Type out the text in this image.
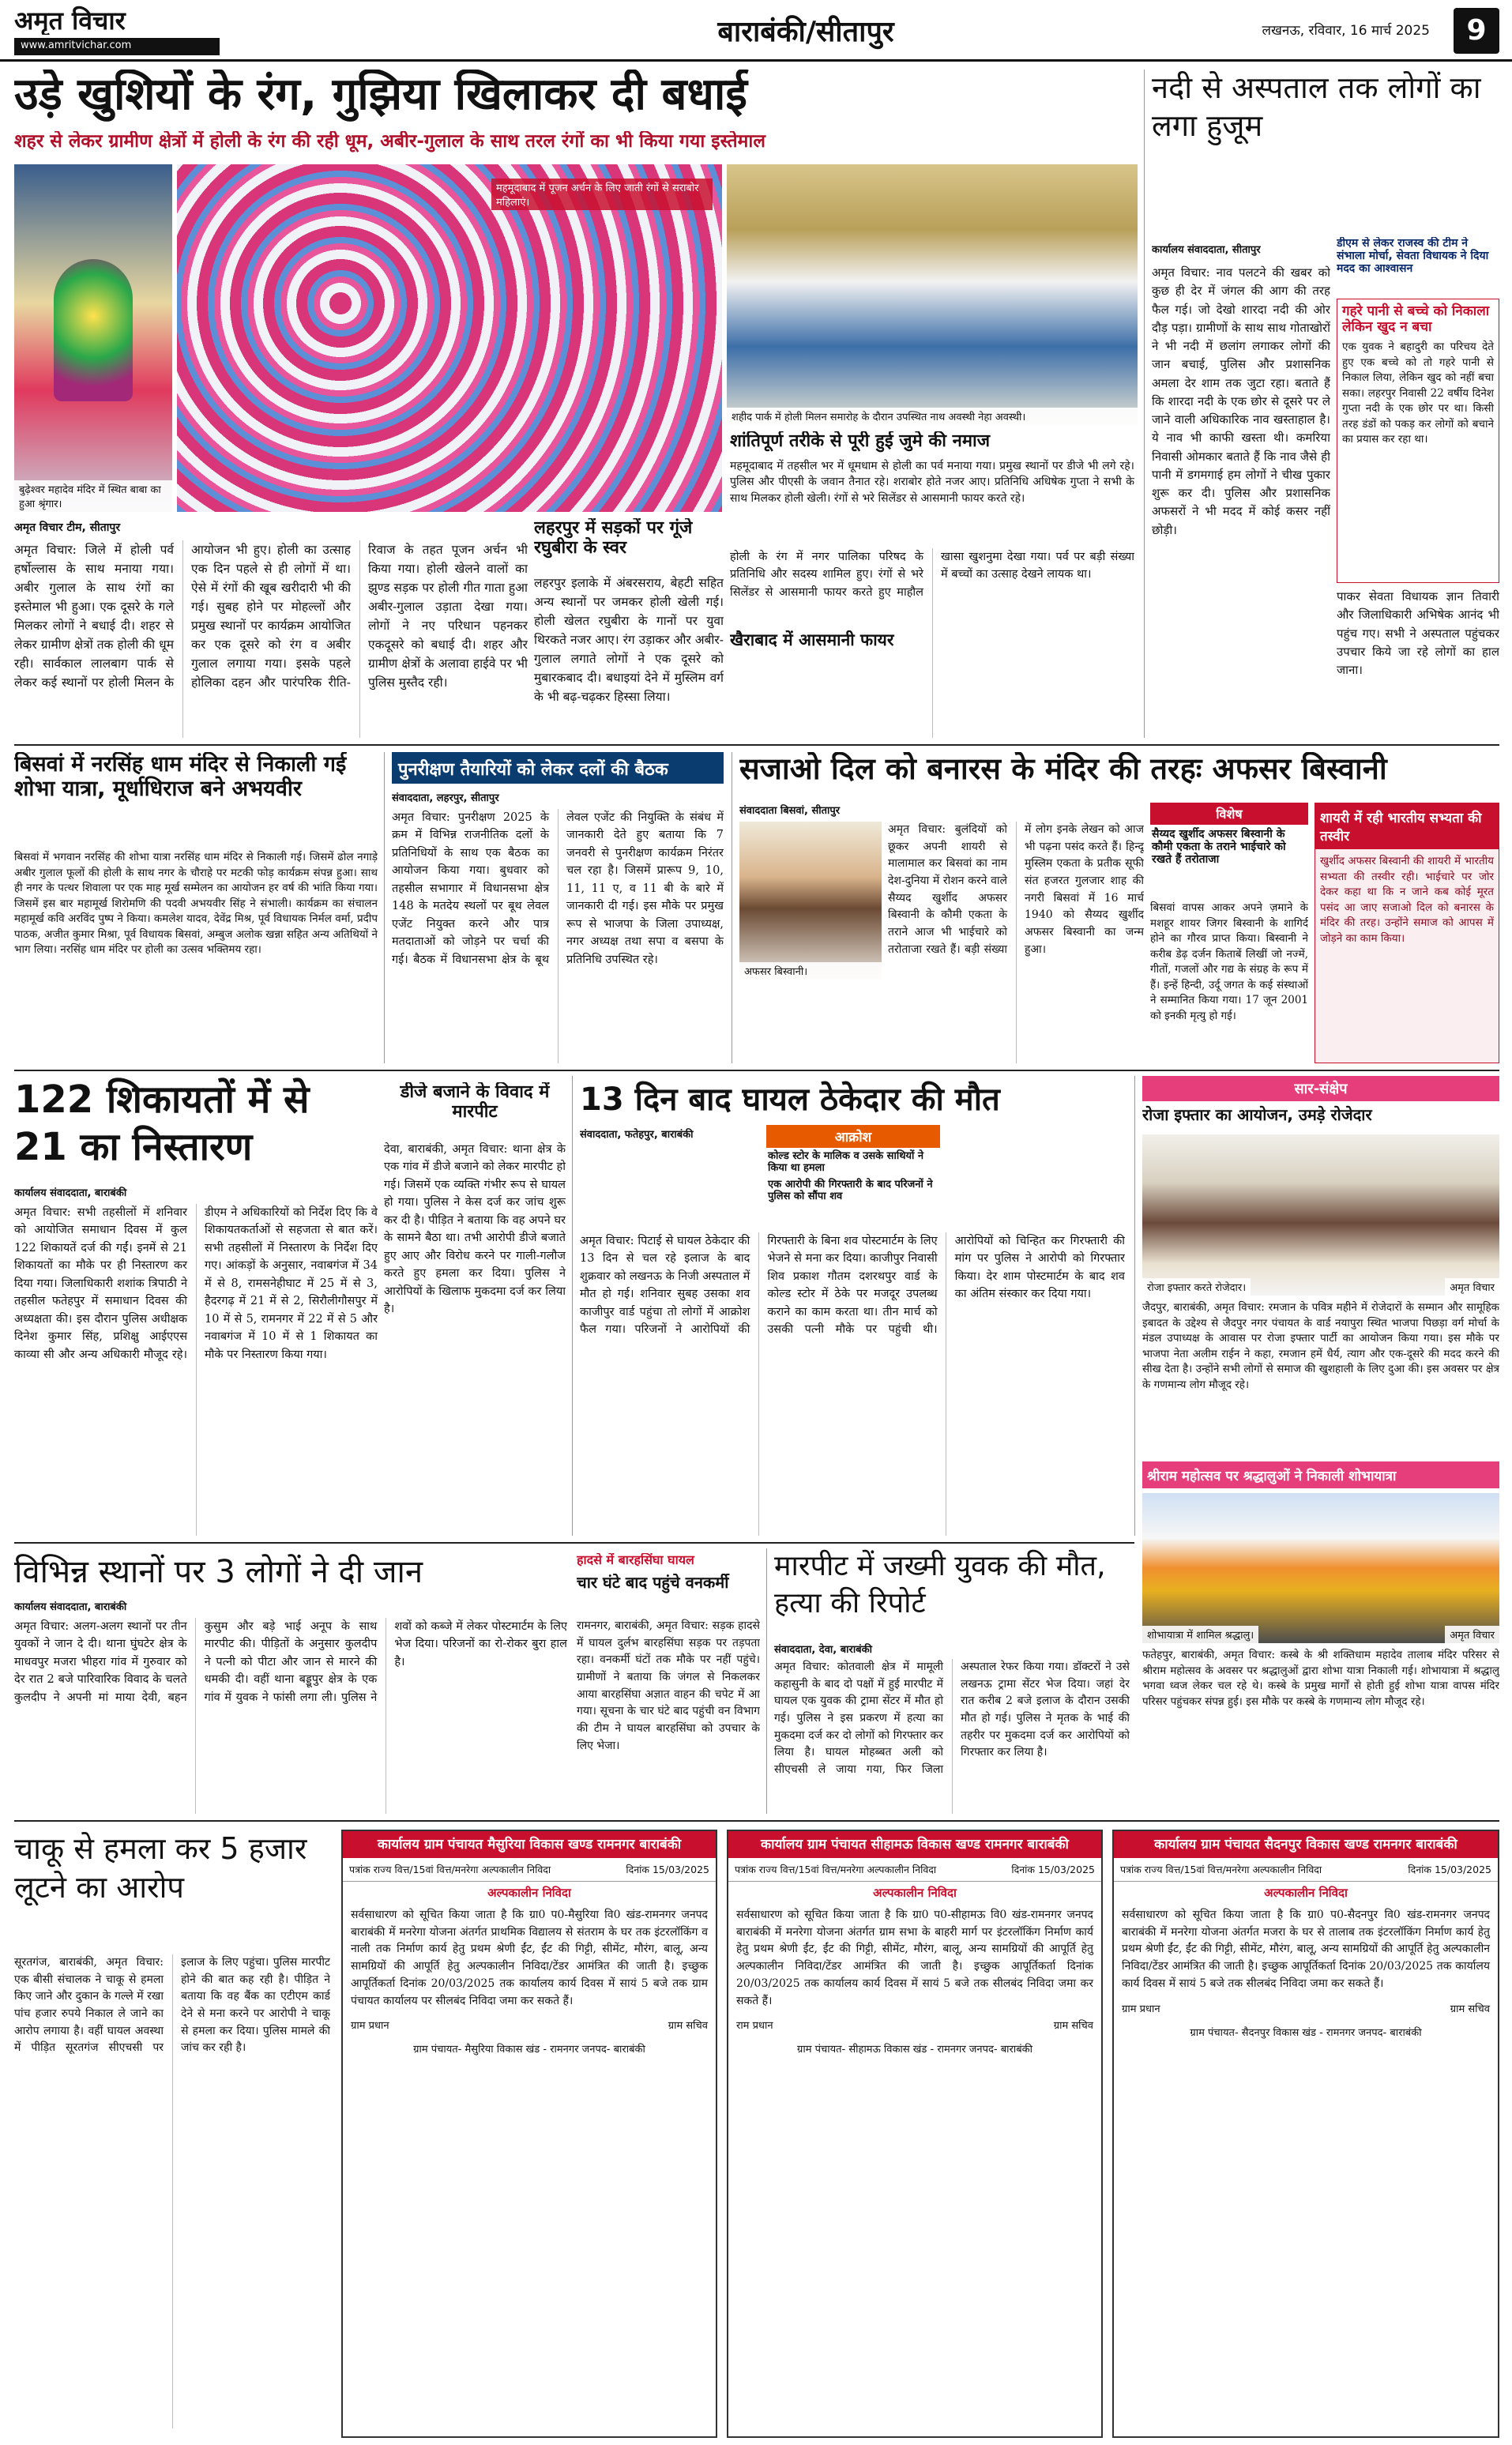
अमृत विचार
www.amritvichar.com	बाराबंकी/सीतापुर	लखनऊ, रविवार, 16 मार्च 2025	9
उड़े खुशियों के रंग, गुझिया खिलाकर दी बधाई
शहर से लेकर ग्रामीण क्षेत्रों में होली के रंग की रही धूम, अबीर-गुलाल के साथ तरल रंगों का भी किया गया इस्तेमाल
बुढ़ेश्वर महादेव मंदिर में स्थित बाबा का हुआ श्रृंगार।
महमूदाबाद में पूजन अर्चन के लिए जाती रंगों से सराबोर महिलाएं।
शहीद पार्क में होली मिलन समारोह के दौरान उपस्थित नाथ अवस्थी नेहा अवस्थी।
अमृत विचार टीम, सीतापुर
अमृत विचार: जिले में होली पर्व हर्षोल्लास के साथ मनाया गया। अबीर गुलाल के साथ रंगों का इस्तेमाल भी हुआ। एक दूसरे के गले मिलकर लोगों ने बधाई दी। शहर से लेकर ग्रामीण क्षेत्रों तक होली की धूम रही। सार्वकाल लालबाग पार्क से लेकर कई स्थानों पर होली मिलन के आयोजन भी हुए। होली का उत्साह एक दिन पहले से ही लोगों में था। ऐसे में रंगों की खूब खरीदारी भी की गई। सुबह होने पर मोहल्लों और प्रमुख स्थानों पर कार्यक्रम आयोजित कर एक दूसरे को रंग व अबीर गुलाल लगाया गया। इसके पहले होलिका दहन और पारंपरिक रीति-रिवाज के तहत पूजन अर्चन भी किया गया। होली खेलने वालों का झुण्ड सड़क पर होली गीत गाता हुआ अबीर-गुलाल उड़ाता देखा गया। लोगों ने नए परिधान पहनकर एकदूसरे को बधाई दी। शहर और ग्रामीण क्षेत्रों के अलावा हाईवे पर भी पुलिस मुस्तैद रही।
लहरपुर में सड़कों पर गूंजे रघुबीरा के स्वर
लहरपुर इलाके में अंबरसराय, बेहटी सहित अन्य स्थानों पर जमकर होली खेली गई। होली खेलत रघुबीरा के गानों पर युवा थिरकते नजर आए। रंग उड़ाकर और अबीर-गुलाल लगाते लोगों ने एक दूसरे को मुबारकबाद दी। बधाइयां देने में मुस्लिम वर्ग के भी बढ़-चढ़कर हिस्सा लिया।
शांतिपूर्ण तरीके से पूरी हुई जुमे की नमाज
महमूदाबाद में तहसील भर में धूमधाम से होली का पर्व मनाया गया। प्रमुख स्थानों पर डीजे भी लगे रहे। पुलिस और पीएसी के जवान तैनात रहे। शराबोर होते नजर आए। प्रतिनिधि अधिषेक गुप्ता ने सभी के साथ मिलकर होली खेली। रंगों से भरे सिलेंडर से आसमानी फायर करते रहे।
खैराबाद में आसमानी फायर
होली के रंग में नगर पालिका परिषद के प्रतिनिधि और सदस्य शामिल हुए। रंगों से भरे सिलेंडर से आसमानी फायर करते हुए माहौल खासा खुशनुमा देखा गया। पर्व पर बड़ी संख्या में बच्चों का उत्साह देखने लायक था।
नदी से अस्पताल तक लोगों का लगा हुजूम
कार्यालय संवाददाता, सीतापुर
डीएम से लेकर राजस्व की टीम ने संभाला मोर्चा, सेवता विधायक ने दिया मदद का आश्वासन
अमृत विचार: नाव पलटने की खबर को कुछ ही देर में जंगल की आग की तरह फैल गई। जो देखो शारदा नदी की ओर दौड़ पड़ा। ग्रामीणों के साथ साथ गोताखोरों ने भी नदी में छलांग लगाकर लोगों की जान बचाई, पुलिस और प्रशासनिक अमला देर शाम तक जुटा रहा। बताते हैं कि शारदा नदी के एक छोर से दूसरे पर ले जाने वाली अधिकारिक नाव खस्ताहाल है। ये नाव भी काफी खस्ता थी। कमरिया निवासी ओमकार बताते हैं कि नाव जैसे ही पानी में डगमगाई हम लोगों ने चीख पुकार शुरू कर दी। पुलिस और प्रशासनिक अफसरों ने भी मदद में कोई कसर नहीं छोड़ी।
गहरे पानी से बच्चे को निकाला लेकिन खुद न बचा
एक युवक ने बहादुरी का परिचय देते हुए एक बच्चे को तो गहरे पानी से निकाल लिया, लेकिन खुद को नहीं बचा सका। लहरपुर निवासी 22 वर्षीय दिनेश गुप्ता नदी के एक छोर पर था। किसी तरह डंडों को पकड़ कर लोगों को बचाने का प्रयास कर रहा था।
पाकर सेवता विधायक ज्ञान तिवारी और जिलाधिकारी अभिषेक आनंद भी पहुंच गए। सभी ने अस्पताल पहुंचकर उपचार किये जा रहे लोगों का हाल जाना।
बिसवां में नरसिंह धाम मंदिर से निकाली गई शोभा यात्रा, मूर्धाधिराज बने अभयवीर
बिसवां में भगवान नरसिंह की शोभा यात्रा नरसिंह धाम मंदिर से निकाली गई। जिसमें ढोल नगाड़े अबीर गुलाल फूलों की होली के साथ नगर के चौराहे पर मटकी फोड़ कार्यक्रम संपन्न हुआ। साथ ही नगर के पत्थर शिवाला पर एक माह मूर्ख सम्मेलन का आयोजन हर वर्ष की भांति किया गया। जिसमें इस बार महामूर्ख शिरोमणि की पदवी अभयवीर सिंह ने संभाली। कार्यक्रम का संचालन महामूर्ख कवि अरविंद पुष्प ने किया। कमलेश यादव, देवेंद्र मिश्र, पूर्व विधायक निर्मल वर्मा, प्रदीप पाठक, अजीत कुमार मिश्रा, पूर्व विधायक बिसवां, अम्बुज अलोक खन्ना सहित अन्य अतिथियों ने भाग लिया। नरसिंह धाम मंदिर पर होली का उत्सव भक्तिमय रहा।
पुनरीक्षण तैयारियों को लेकर दलों की बैठक
संवाददाता, लहरपुर, सीतापुर
अमृत विचार: पुनरीक्षण 2025 के क्रम में विभिन्न राजनीतिक दलों के प्रतिनिधियों के साथ एक बैठक का आयोजन किया गया। बुधवार को तहसील सभागार में विधानसभा क्षेत्र 148 के मतदेय स्थलों पर बूथ लेवल एजेंट नियुक्त करने और पात्र मतदाताओं को जोड़ने पर चर्चा की गई। बैठक में विधानसभा क्षेत्र के बूथ लेवल एजेंट की नियुक्ति के संबंध में जानकारी देते हुए बताया कि 7 जनवरी से पुनरीक्षण कार्यक्रम निरंतर चल रहा है। जिसमें प्रारूप 9, 10, 11, 11 ए, व 11 बी के बारे में जानकारी दी गई। इस मौके पर प्रमुख रूप से भाजपा के जिला उपाध्यक्ष, नगर अध्यक्ष तथा सपा व बसपा के प्रतिनिधि उपस्थित रहे।
सजाओ दिल को बनारस के मंदिर की तरहः अफसर बिस्वानी
संवाददाता बिसवां, सीतापुर
अफसर बिस्वानी।
अमृत विचार: बुलंदियों को छूकर अपनी शायरी से मालामाल कर बिसवां का नाम देश-दुनिया में रोशन करने वाले सैय्यद खुर्शीद अफसर बिस्वानी के कौमी एकता के तराने आज भी भाईचारे को तरोताजा रखते हैं। बड़ी संख्या में लोग इनके लेखन को आज भी पढ़ना पसंद करते हैं। हिन्दू मुस्लिम एकता के प्रतीक सूफी संत हजरत गुलजार शाह की नगरी बिसवां में 16 मार्च 1940 को सैय्यद खुर्शीद अफसर बिस्वानी का जन्म हुआ।
विशेष
सैय्यद खुर्शीद अफसर बिस्वानी के कौमी एकता के तराने भाईचारे को रखते हैं तरोताजा
बिसवां वापस आकर अपने ज़माने के मशहूर शायर जिगर बिस्वानी के शागिर्द होने का गौरव प्राप्त किया। बिस्वानी ने करीब डेढ़ दर्जन किताबें लिखीं जो नज्में, गीतों, गजलों और गद्य के संग्रह के रूप में हैं। इन्हें हिन्दी, उर्दू जगत के कई संस्थाओं ने सम्मानित किया गया। 17 जून 2001 को इनकी मृत्यु हो गई।
शायरी में रही भारतीय सभ्यता की तस्वीर
खुर्शीद अफसर बिस्वानी की शायरी में भारतीय सभ्यता की तस्वीर रही। भाईचारे पर जोर देकर कहा था कि न जाने कब कोई मूरत पसंद आ जाए सजाओ दिल को बनारस के मंदिर की तरह। उन्होंने समाज को आपस में जोड़ने का काम किया।
122 शिकायतों में से 21 का निस्तारण
कार्यालय संवाददाता, बाराबंकी
अमृत विचार: सभी तहसीलों में शनिवार को आयोजित समाधान दिवस में कुल 122 शिकायतें दर्ज की गईं। इनमें से 21 शिकायतों का मौके पर ही निस्तारण कर दिया गया। जिलाधिकारी शशांक त्रिपाठी ने तहसील फतेहपुर में समाधान दिवस की अध्यक्षता की। इस दौरान पुलिस अधीक्षक दिनेश कुमार सिंह, प्रशिक्षु आईएएस काव्या सी और अन्य अधिकारी मौजूद रहे। डीएम ने अधिकारियों को निर्देश दिए कि वे शिकायतकर्ताओं से सहजता से बात करें। सभी तहसीलों में निस्तारण के निर्देश दिए गए। आंकड़ों के अनुसार, नवाबगंज में 34 में से 8, रामसनेहीघाट में 25 में से 3, हैदरगढ़ में 21 में से 2, सिरौलीगौसपुर में 10 में से 5, रामनगर में 22 में से 5 और नवाबगंज में 10 में से 1 शिकायत का मौके पर निस्तारण किया गया।
डीजे बजाने के विवाद में मारपीट
देवा, बाराबंकी, अमृत विचार: थाना क्षेत्र के एक गांव में डीजे बजाने को लेकर मारपीट हो गई। जिसमें एक व्यक्ति गंभीर रूप से घायल हो गया। पुलिस ने केस दर्ज कर जांच शुरू कर दी है। पीड़ित ने बताया कि वह अपने घर के सामने बैठा था। तभी आरोपी डीजे बजाते हुए आए और विरोध करने पर गाली-गलौज करते हुए हमला कर दिया। पुलिस ने आरोपियों के खिलाफ मुकदमा दर्ज कर लिया है।
13 दिन बाद घायल ठेकेदार की मौत
संवाददाता, फतेहपुर, बाराबंकी	आक्रोश
कोल्ड स्टोर के मालिक व उसके साथियों ने किया था हमला
एक आरोपी की गिरफ्तारी के बाद परिजनों ने पुलिस को सौंपा शव
अमृत विचार: पिटाई से घायल ठेकेदार की 13 दिन से चल रहे इलाज के बाद शुक्रवार को लखनऊ के निजी अस्पताल में मौत हो गई। शनिवार सुबह उसका शव काजीपुर वार्ड पहुंचा तो लोगों में आक्रोश फैल गया। परिजनों ने आरोपियों की गिरफ्तारी के बिना शव पोस्टमार्टम के लिए भेजने से मना कर दिया। काजीपुर निवासी शिव प्रकाश गौतम दशरथपुर वार्ड के कोल्ड स्टोर में ठेके पर मजदूर उपलब्ध कराने का काम करता था। तीन मार्च को उसकी पत्नी मौके पर पहुंची थी। आरोपियों को चिन्हित कर गिरफ्तारी की मांग पर पुलिस ने आरोपी को गिरफ्तार किया। देर शाम पोस्टमार्टम के बाद शव का अंतिम संस्कार कर दिया गया।
सार-संक्षेप
रोजा इफ्तार का आयोजन, उमड़े रोजेदार
रोजा इफ्तार करते रोजेदार।	अमृत विचार
जैदपुर, बाराबंकी, अमृत विचार: रमजान के पवित्र महीने में रोजेदारों के सम्मान और सामूहिक इबादत के उद्देश्य से जैदपुर नगर पंचायत के वार्ड नयापुरा स्थित भाजपा पिछड़ा वर्ग मोर्चा के मंडल उपाध्यक्ष के आवास पर रोजा इफ्तार पार्टी का आयोजन किया गया। इस मौके पर भाजपा नेता अलीम राईन ने कहा, रमजान हमें धैर्य, त्याग और एक-दूसरे की मदद करने की सीख देता है। उन्होंने सभी लोगों से समाज की खुशहाली के लिए दुआ की। इस अवसर पर क्षेत्र के गणमान्य लोग मौजूद रहे।
श्रीराम महोत्सव पर श्रद्धालुओं ने निकाली शोभायात्रा
शोभायात्रा में शामिल श्रद्धालु।	अमृत विचार
फतेहपुर, बाराबंकी, अमृत विचार: कस्बे के श्री शक्तिधाम महादेव तालाब मंदिर परिसर से श्रीराम महोत्सव के अवसर पर श्रद्धालुओं द्वारा शोभा यात्रा निकाली गई। शोभायात्रा में श्रद्धालु भगवा ध्वज लेकर चल रहे थे। कस्बे के प्रमुख मार्गों से होती हुई शोभा यात्रा वापस मंदिर परिसर पहुंचकर संपन्न हुई। इस मौके पर कस्बे के गणमान्य लोग मौजूद रहे।
विभिन्न स्थानों पर 3 लोगों ने दी जान
कार्यालय संवाददाता, बाराबंकी
अमृत विचार: अलग-अलग स्थानों पर तीन युवकों ने जान दे दी। थाना घुंघटेर क्षेत्र के माधवपुर मजरा भीहरा गांव में गुरुवार को देर रात 2 बजे पारिवारिक विवाद के चलते कुलदीप ने अपनी मां माया देवी, बहन कुसुम और बड़े भाई अनूप के साथ मारपीट की। पीड़ितों के अनुसार कुलदीप ने पत्नी को पीटा और जान से मारने की धमकी दी। वहीं थाना बड्डूपुर क्षेत्र के एक गांव में युवक ने फांसी लगा ली। पुलिस ने शवों को कब्जे में लेकर पोस्टमार्टम के लिए भेज दिया। परिजनों का रो-रोकर बुरा हाल है।
हादसे में बारहसिंघा घायल
चार घंटे बाद पहुंचे वनकर्मी
रामनगर, बाराबंकी, अमृत विचार: सड़क हादसे में घायल दुर्लभ बारहसिंघा सड़क पर तड़पता रहा। वनकर्मी घंटों तक मौके पर नहीं पहुंचे। ग्रामीणों ने बताया कि जंगल से निकलकर आया बारहसिंघा अज्ञात वाहन की चपेट में आ गया। सूचना के चार घंटे बाद पहुंची वन विभाग की टीम ने घायल बारहसिंघा को उपचार के लिए भेजा।
मारपीट में जख्मी युवक की मौत, हत्या की रिपोर्ट
संवाददाता, देवा, बाराबंकी
अमृत विचार: कोतवाली क्षेत्र में मामूली कहासुनी के बाद दो पक्षों में हुई मारपीट में घायल एक युवक की ट्रामा सेंटर में मौत हो गई। पुलिस ने इस प्रकरण में हत्या का मुकदमा दर्ज कर दो लोगों को गिरफ्तार कर लिया है। घायल मोहब्बत अली को सीएचसी ले जाया गया, फिर जिला अस्पताल रेफर किया गया। डॉक्टरों ने उसे लखनऊ ट्रामा सेंटर भेज दिया। जहां देर रात करीब 2 बजे इलाज के दौरान उसकी मौत हो गई। पुलिस ने मृतक के भाई की तहरीर पर मुकदमा दर्ज कर आरोपियों को गिरफ्तार कर लिया है।
चाकू से हमला कर 5 हजार लूटने का आरोप
सूरतगंज, बाराबंकी, अमृत विचार: एक बीसी संचालक ने चाकू से हमला किए जाने और दुकान के गल्ले में रखा पांच हजार रुपये निकाल ले जाने का आरोप लगाया है। वहीं घायल अवस्था में पीड़ित सूरतगंज सीएचसी पर इलाज के लिए पहुंचा। पुलिस मारपीट होने की बात कह रही है। पीड़ित ने बताया कि वह बैंक का एटीएम कार्ड देने से मना करने पर आरोपी ने चाकू से हमला कर दिया। पुलिस मामले की जांच कर रही है।
कार्यालय ग्राम पंचायत मैसुरिया विकास खण्ड रामनगर बाराबंकी
पत्रांक राज्य वित्त/15वां वित्त/मनरेगा अल्पकालीन निविदा	दिनांक 15/03/2025
अल्पकालीन निविदा
सर्वसाधारण को सूचित किया जाता है कि ग्रा0 प0-मैसुरिया वि0 खंड-रामनगर जनपद बाराबंकी में मनरेगा योजना अंतर्गत प्राथमिक विद्यालय से संतराम के घर तक इंटरलॉकिंग व नाली तक निर्माण कार्य हेतु प्रथम श्रेणी ईंट, ईंट की गिट्टी, सीमेंट, मौरंग, बालू, अन्य सामग्रियों की आपूर्ति हेतु अल्पकालीन निविदा/टेंडर आमंत्रित की जाती है। इच्छुक आपूर्तिकर्ता दिनांक 20/03/2025 तक कार्यालय कार्य दिवस में सायं 5 बजे तक ग्राम पंचायत कार्यालय पर सीलबंद निविदा जमा कर सकते हैं।
ग्राम प्रधान	ग्राम सचिव
ग्राम पंचायत- मैसुरिया विकास खंड - रामनगर जनपद- बाराबंकी
कार्यालय ग्राम पंचायत सीहामऊ विकास खण्ड रामनगर बाराबंकी
पत्रांक राज्य वित्त/15वां वित्त/मनरेगा अल्पकालीन निविदा	दिनांक 15/03/2025
अल्पकालीन निविदा
सर्वसाधारण को सूचित किया जाता है कि ग्रा0 प0-सीहामऊ वि0 खंड-रामनगर जनपद बाराबंकी में मनरेगा योजना अंतर्गत ग्राम सभा के बाहरी मार्ग पर इंटरलॉकिंग निर्माण कार्य हेतु प्रथम श्रेणी ईंट, ईंट की गिट्टी, सीमेंट, मौरंग, बालू, अन्य सामग्रियों की आपूर्ति हेतु अल्पकालीन निविदा/टेंडर आमंत्रित की जाती है। इच्छुक आपूर्तिकर्ता दिनांक 20/03/2025 तक कार्यालय कार्य दिवस में सायं 5 बजे तक सीलबंद निविदा जमा कर सकते हैं।
राम प्रधान	ग्राम सचिव
ग्राम पंचायत- सीहामऊ विकास खंड - रामनगर जनपद- बाराबंकी
कार्यालय ग्राम पंचायत सैदनपुर विकास खण्ड रामनगर बाराबंकी
पत्रांक राज्य वित्त/15वां वित्त/मनरेगा अल्पकालीन निविदा	दिनांक 15/03/2025
अल्पकालीन निविदा
सर्वसाधारण को सूचित किया जाता है कि ग्रा0 प0-सैदनपुर वि0 खंड-रामनगर जनपद बाराबंकी में मनरेगा योजना अंतर्गत मजरा के घर से तालाब तक इंटरलॉकिंग निर्माण कार्य हेतु प्रथम श्रेणी ईंट, ईंट की गिट्टी, सीमेंट, मौरंग, बालू, अन्य सामग्रियों की आपूर्ति हेतु अल्पकालीन निविदा/टेंडर आमंत्रित की जाती है। इच्छुक आपूर्तिकर्ता दिनांक 20/03/2025 तक कार्यालय कार्य दिवस में सायं 5 बजे तक सीलबंद निविदा जमा कर सकते हैं।
ग्राम प्रधान	ग्राम सचिव
ग्राम पंचायत- सैदनपुर विकास खंड - रामनगर जनपद- बाराबंकी
